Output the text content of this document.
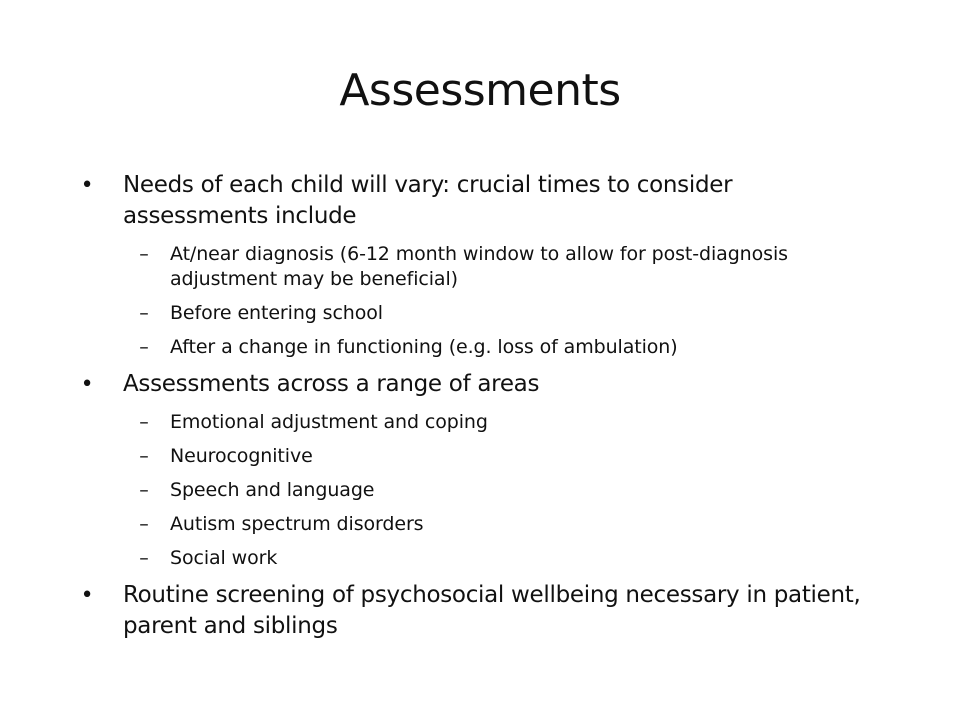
Assessments
• Needs of each child will vary: crucial times to consider assessments include
–	At/near diagnosis (6-12 month window to allow for post-diagnosis adjustment may be beneficial)
–	Before entering school
–	After a change in functioning (e.g. loss of ambulation)
• Assessments across a range of areas
–	Emotional adjustment and coping
–	Neurocognitive
–	Speech and language
–	Autism spectrum disorders
–	Social work
• Routine screening of psychosocial wellbeing necessary in patient, parent and siblings
